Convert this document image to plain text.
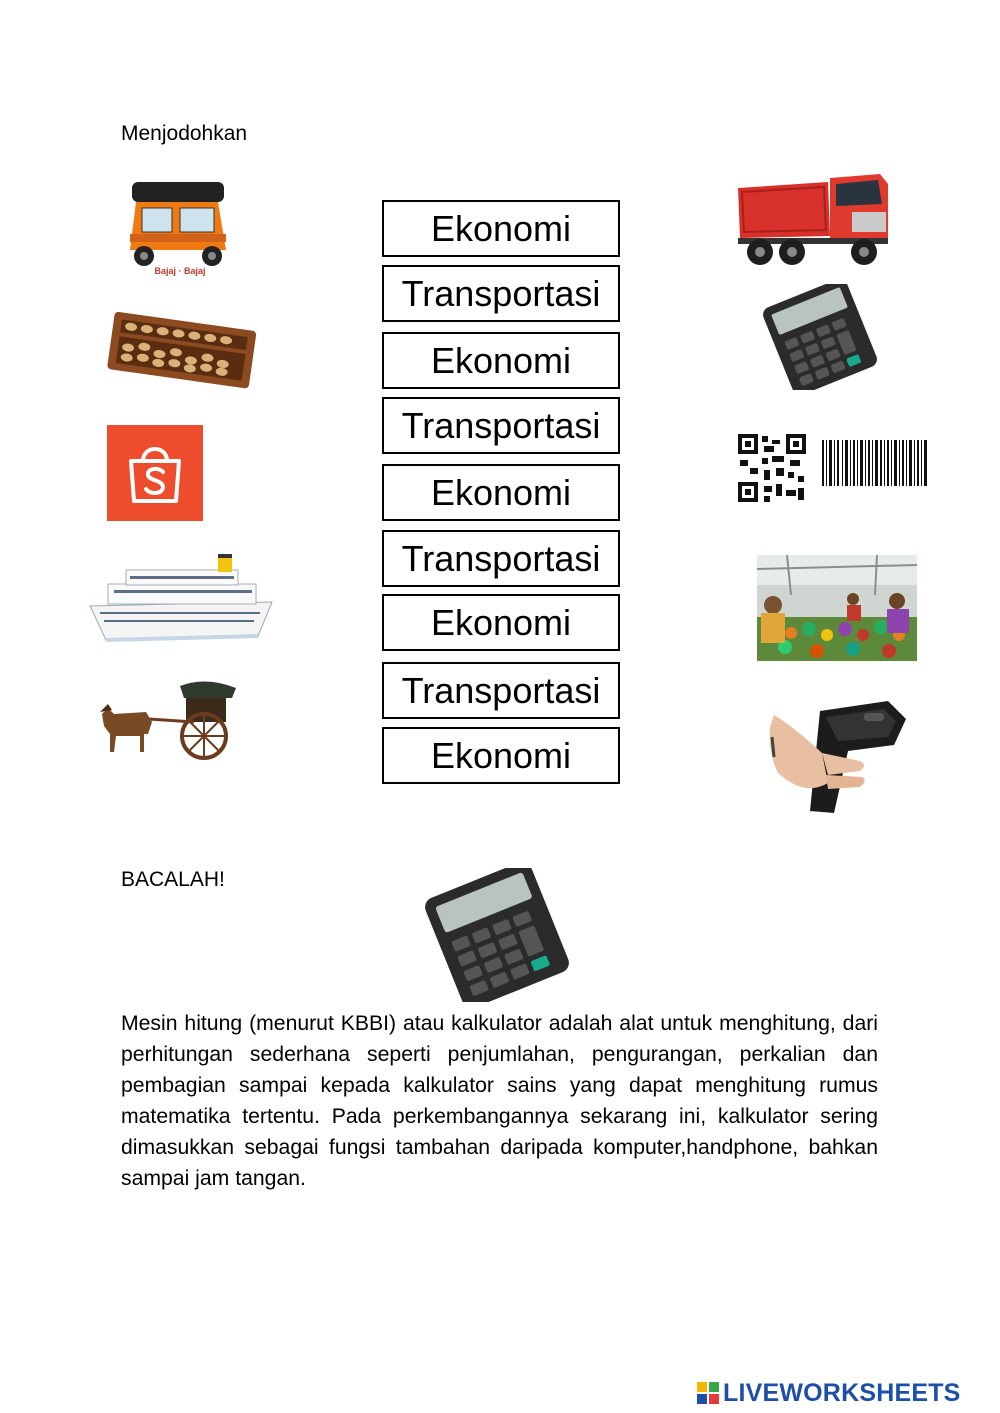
Menjodohkan
Bajaj · Bajaj
Ekonomi
Transportasi
Ekonomi
Transportasi
Ekonomi
Transportasi
Ekonomi
Transportasi
Ekonomi
BACALAH!
Mesin hitung (menurut KBBI) atau kalkulator adalah alat untuk menghitung, dari perhitungan sederhana seperti penjumlahan, pengurangan, perkalian dan pembagian sampai kepada kalkulator sains yang dapat menghitung rumus matematika tertentu. Pada perkembangannya sekarang ini, kalkulator sering dimasukkan sebagai fungsi tambahan daripada komputer,handphone, bahkan sampai jam tangan.
LIVEWORKSHEETS
